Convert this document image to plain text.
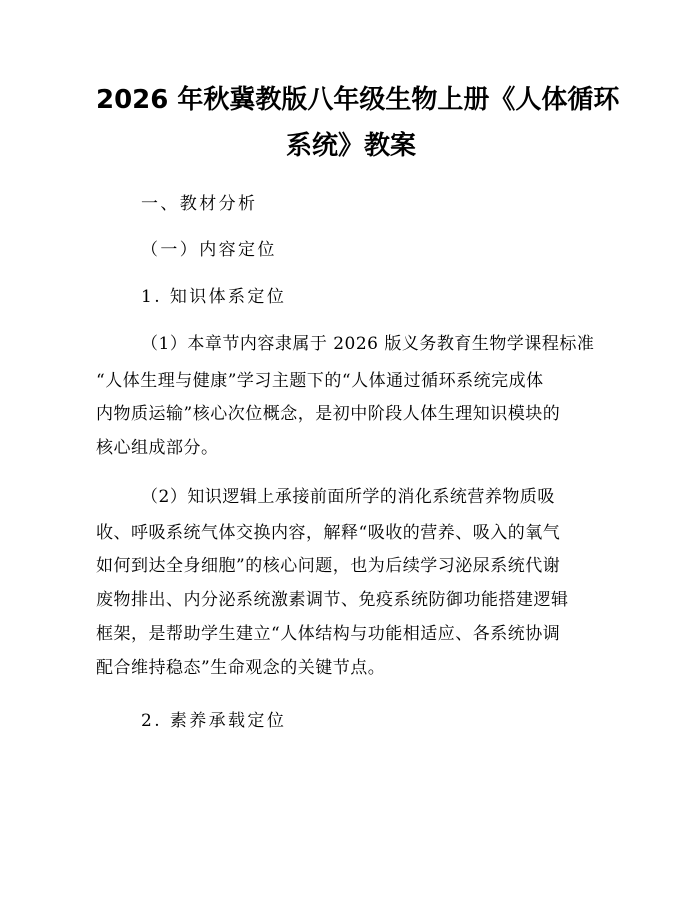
2026 年秋冀教版八年级生物上册《人体循环
系统》教案
一、教材分析
（一）内容定位
1. 知识体系定位
（1）本章节内容隶属于 2026 版义务教育生物学课程标准
“人体生理与健康”学习主题下的“人体通过循环系统完成体
内物质运输”核心次位概念，是初中阶段人体生理知识模块的
核心组成部分。
（2）知识逻辑上承接前面所学的消化系统营养物质吸
收、呼吸系统气体交换内容，解释“吸收的营养、吸入的氧气
如何到达全身细胞”的核心问题，也为后续学习泌尿系统代谢
废物排出、内分泌系统激素调节、免疫系统防御功能搭建逻辑
框架，是帮助学生建立“人体结构与功能相适应、各系统协调
配合维持稳态”生命观念的关键节点。
2. 素养承载定位
